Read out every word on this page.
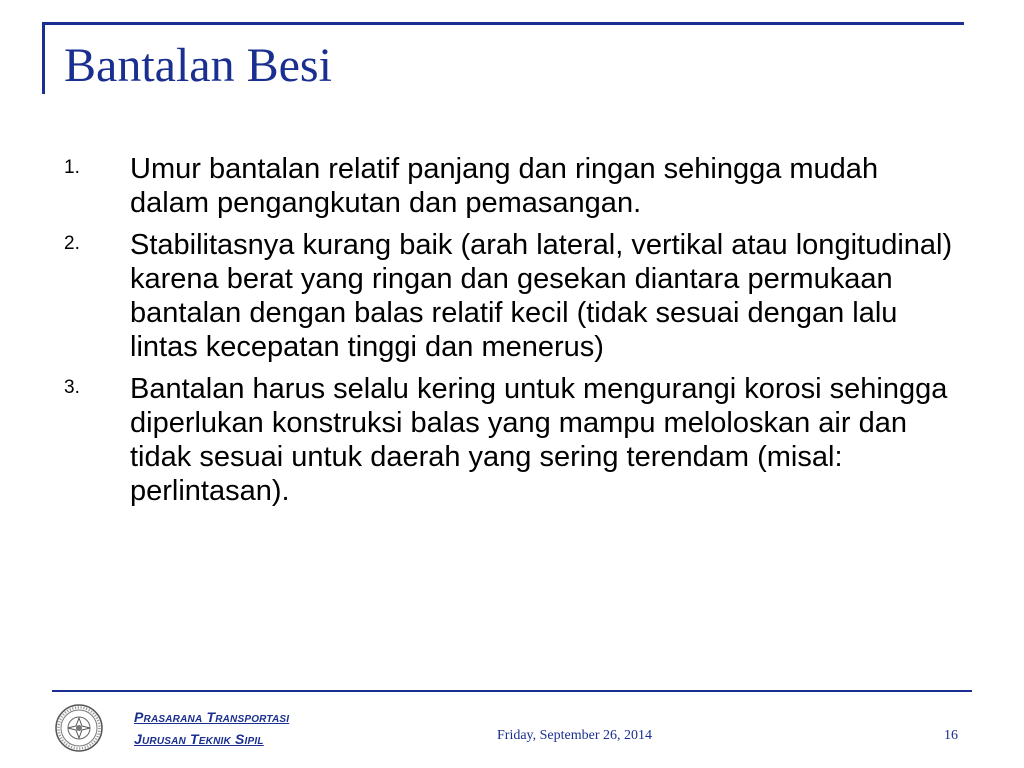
Bantalan Besi
1. Umur bantalan relatif panjang dan ringan sehingga mudah dalam pengangkutan dan pemasangan.
2. Stabilitasnya kurang baik (arah lateral, vertikal atau longitudinal) karena berat yang ringan dan gesekan diantara permukaan bantalan dengan balas relatif kecil (tidak sesuai dengan lalu lintas kecepatan tinggi dan menerus)
3. Bantalan harus selalu kering untuk mengurangi korosi sehingga diperlukan konstruksi balas yang mampu meloloskan air dan tidak sesuai untuk daerah yang sering terendam (misal: perlintasan).
Prasarana Transportasi
Jurusan Teknik Sipil	Friday, September 26, 2014	16
